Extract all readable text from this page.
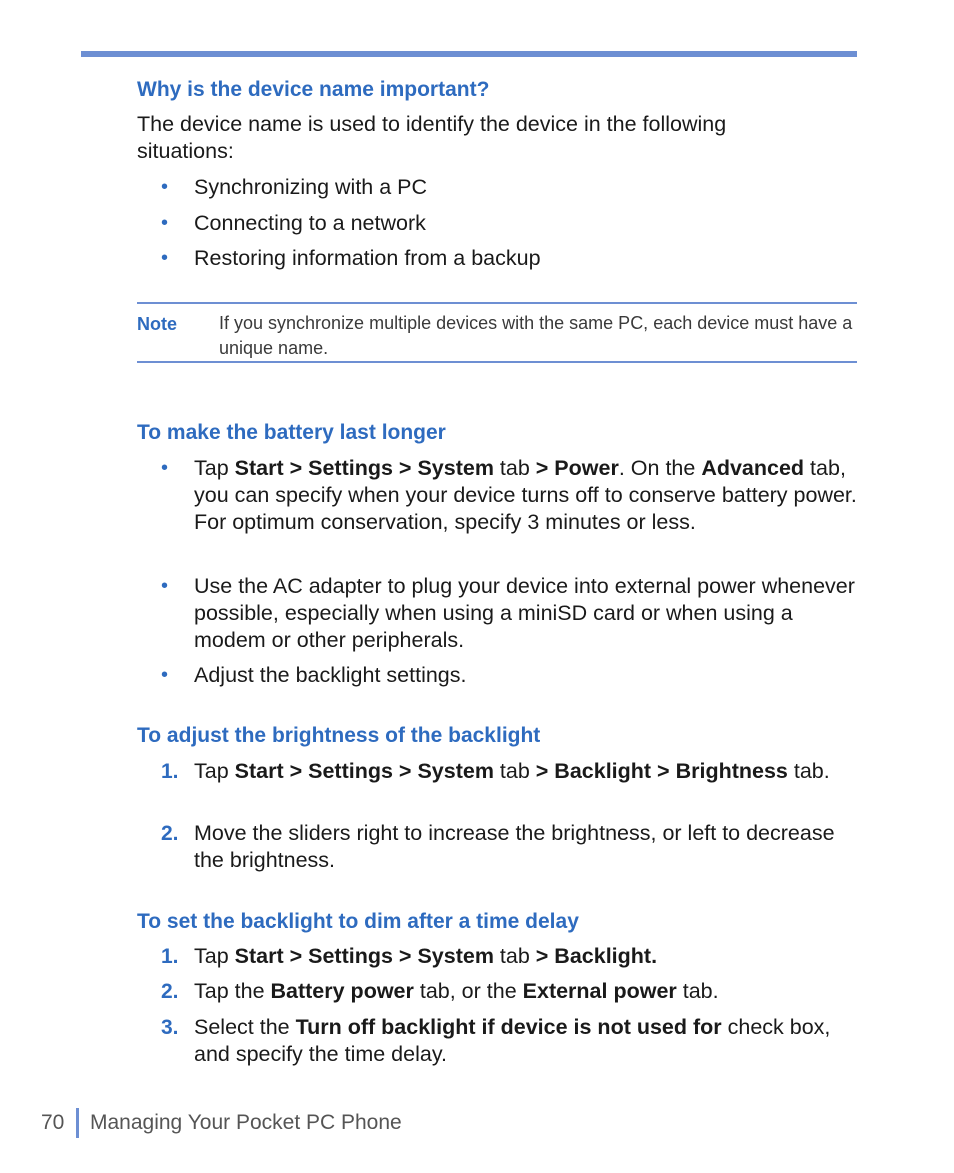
Why is the device name important?

The device name is used to identify the device in the following situations:

• Synchronizing with a PC
• Connecting to a network
• Restoring information from a backup
Note If you synchronize multiple devices with the same PC, each device must have a unique name.

To make the battery last longer

• Tap Start > Settings > System tab > Power. On the Advanced tab, you can specify when your device turns off to conserve battery power. For optimum conservation, specify 3 minutes or less.
• Use the AC adapter to plug your device into external power whenever possible, especially when using a miniSD card or when using a modem or other peripherals.
• Adjust the backlight settings.

To adjust the brightness of the backlight

1. Tap Start > Settings > System tab > Backlight > Brightness tab.
2. Move the sliders right to increase the brightness, or left to decrease the brightness.

To set the backlight to dim after a time delay

1. Tap Start > Settings > System tab > Backlight.
2. Tap the Battery power tab, or the External power tab.
3. Select the Turn off backlight if device is not used for check box, and specify the time delay.
70 Managing Your Pocket PC Phone
